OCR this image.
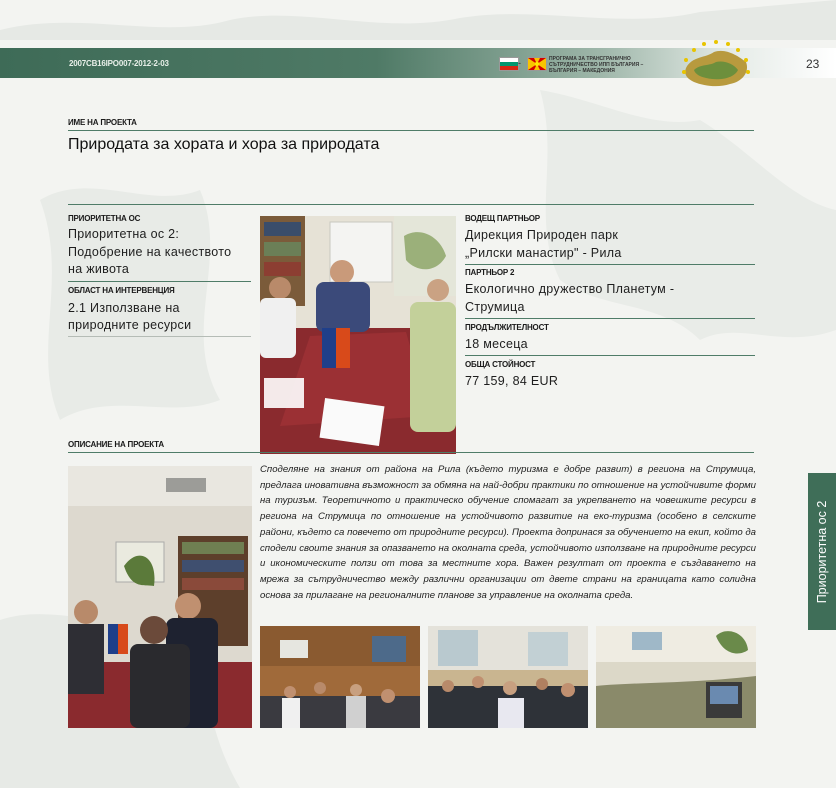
2007CB16IPO007-2012-2-03	-	ПРОГРАМА ЗА ТРАНСГРАНИЧНО СЪТРУДНИЧЕСТВО ИПП БЪЛГАРИЯ – БЪЛГАРИЯ – МАКЕДОНИЯ	23
ИМЕ НА ПРОЕКТА
Природата за хората и хора за природата
ПРИОРИТЕТНА ОС
Приоритетна ос 2:
Подобрение на качеството
на живота
ОБЛАСТ НА ИНТЕРВЕНЦИЯ
2.1 Използване на
природните ресурси
ВОДЕЩ ПАРТНЬОР
Дирекция Природен парк
„Рилски манастир" - Рила
ПАРТНЬОР 2
Екологично дружество Планетум -
Струмица
ПРОДЪЛЖИТЕЛНОСТ
18 месеца
ОБЩА СТОЙНОСТ
77 159, 84 EUR
ОПИСАНИЕ НА ПРОЕКТА

Споделяне на знания от района на Рила (където туризма е добре развит) в региона на Струмица, предлага иновативна възможност за обмяна на най-добри практики по отношение на устойчивите форми на туризъм. Теоретичното и практическо обучение спомагат за укрепването на човешките ресурси в региона на Струмица по отношение на устойчивото развитие на еко-туризма (особено в селските райони, където са повечето от природните ресурси). Проекта допринася за обучението на екип, който да сподели своите знания за опазването на околната среда, устойчивото използване на природните ресурси и икономическите ползи от това за местните хора. Важен резултат от проекта е създаването на мрежа за сътрудничество между различни организации от двете страни на границата като солидна основа за прилагане на регионалните планове за управление на околната среда.	Приоритетна ос 2
